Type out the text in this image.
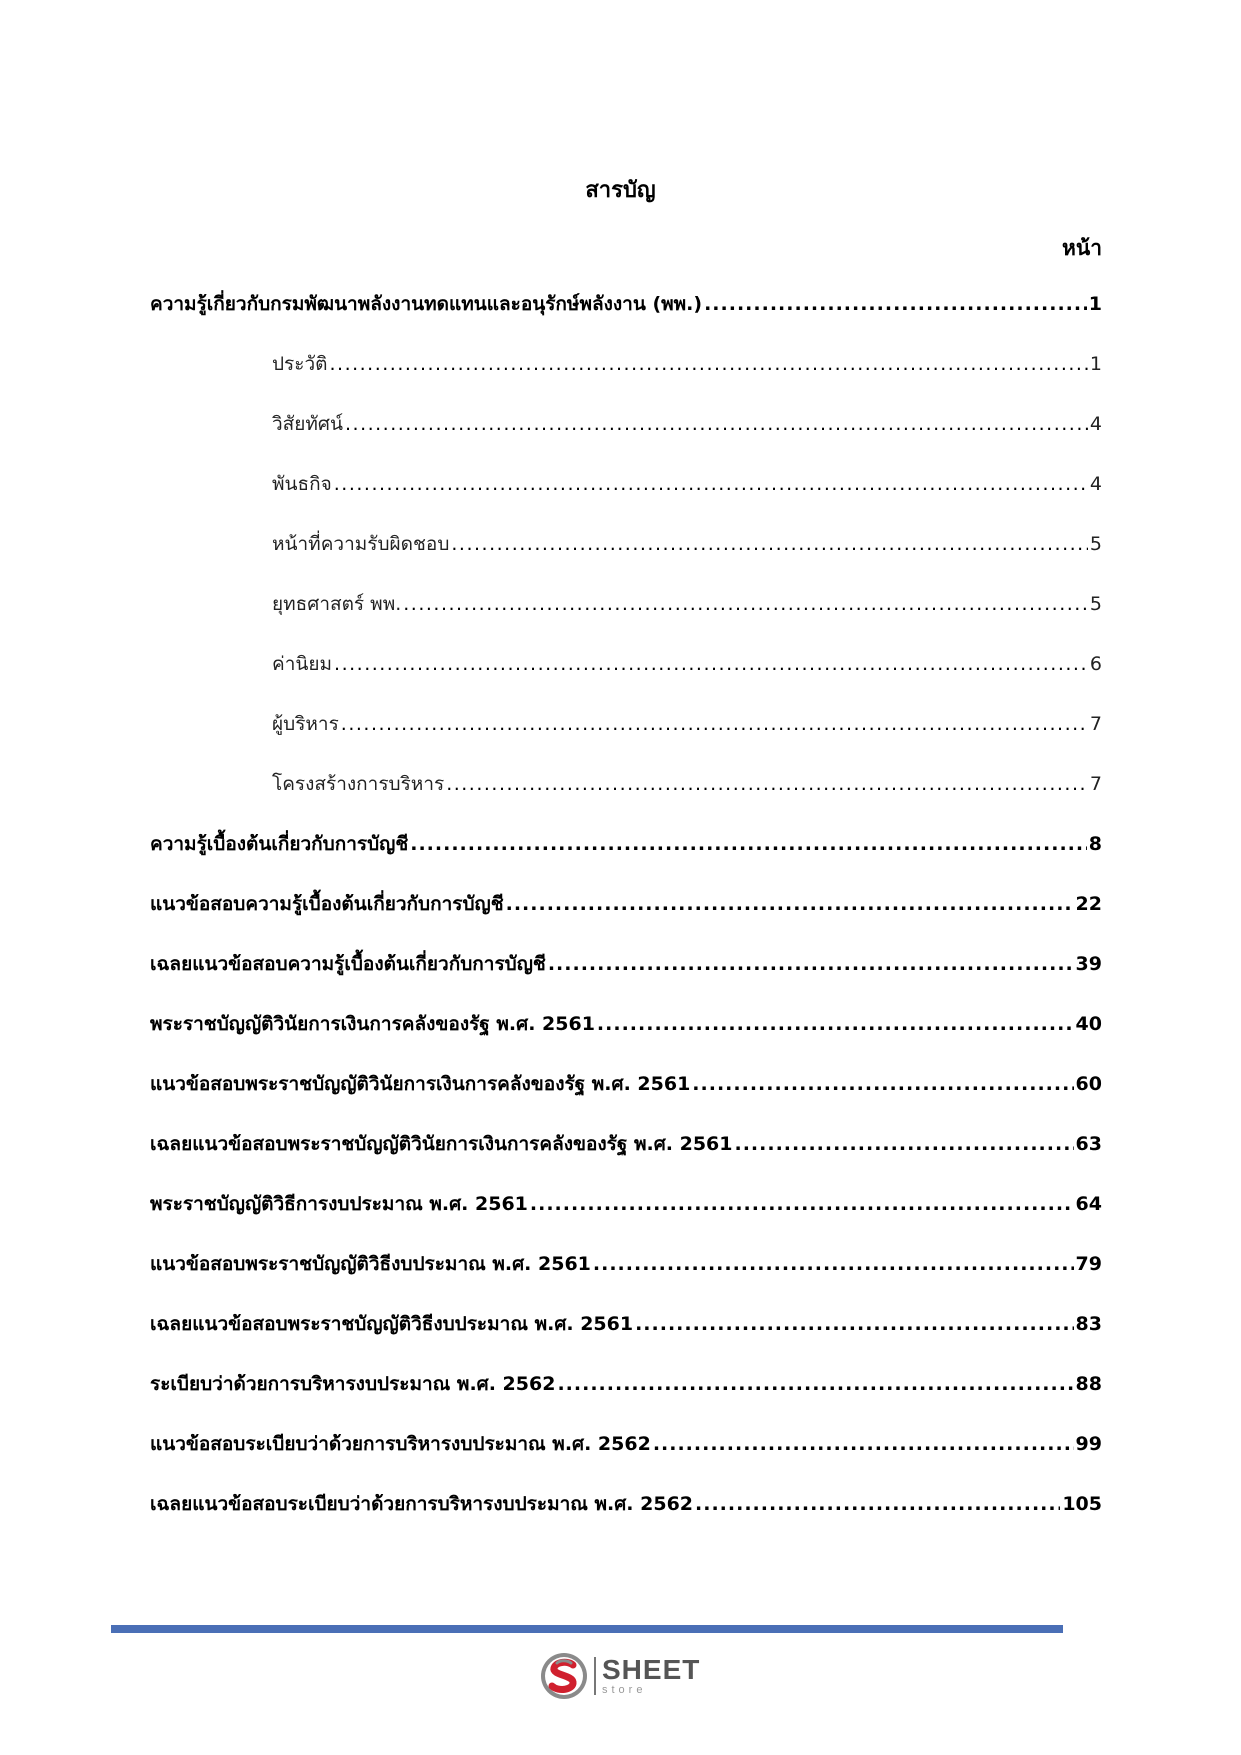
สารบัญ
หน้า
ความรู้เกี่ยวกับกรมพัฒนาพลังงานทดแทนและอนุรักษ์พลังงาน (พพ.) .....	1
ประวัติ .....	1
วิสัยทัศน์ .....	4
พันธกิจ .....	4
หน้าที่ความรับผิดชอบ .....	5
ยุทธศาสตร์ พพ. .....	5
ค่านิยม .....	6
ผู้บริหาร .....	7
โครงสร้างการบริหาร .....	7
ความรู้เบื้องต้นเกี่ยวกับการบัญชี .....	8
แนวข้อสอบความรู้เบื้องต้นเกี่ยวกับการบัญชี .....	22
เฉลยแนวข้อสอบความรู้เบื้องต้นเกี่ยวกับการบัญชี .....	39
พระราชบัญญัติวินัยการเงินการคลังของรัฐ พ.ศ. 2561 .....	40
แนวข้อสอบพระราชบัญญัติวินัยการเงินการคลังของรัฐ พ.ศ. 2561 .....	60
เฉลยแนวข้อสอบพระราชบัญญัติวินัยการเงินการคลังของรัฐ พ.ศ. 2561 .....	63
พระราชบัญญัติวิธีการงบประมาณ พ.ศ. 2561 .....	64
แนวข้อสอบพระราชบัญญัติวิธีงบประมาณ พ.ศ. 2561 .....	79
เฉลยแนวข้อสอบพระราชบัญญัติวิธีงบประมาณ พ.ศ. 2561 .....	83
ระเบียบว่าด้วยการบริหารงบประมาณ พ.ศ. 2562 .....	88
แนวข้อสอบระเบียบว่าด้วยการบริหารงบประมาณ พ.ศ. 2562 .....	99
เฉลยแนวข้อสอบระเบียบว่าด้วยการบริหารงบประมาณ พ.ศ. 2562 .....	105
SHEET
store
